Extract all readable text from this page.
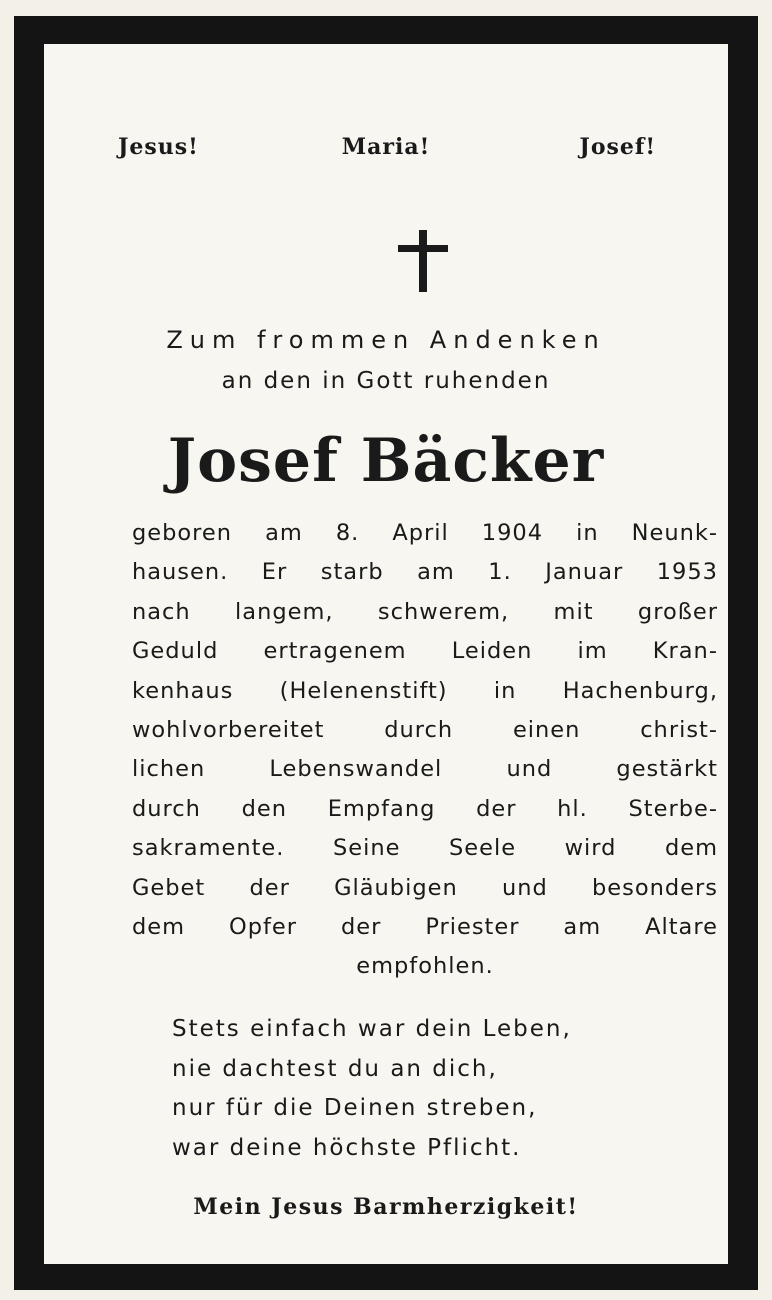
Jesus!	Maria!	Josef!
Zum frommen Andenken
an den in Gott ruhenden
Josef Bäcker
geboren am 8. April 1904 in Neunk-
hausen. Er starb am 1. Januar 1953
nach langem, schwerem, mit großer
Geduld ertragenem Leiden im Kran-
kenhaus (Helenenstift) in Hachenburg,
wohlvorbereitet	durch	einen	christ-
lichen	Lebenswandel	und	gestärkt
durch den Empfang der hl. Sterbe-
sakramente. Seine Seele wird dem
Gebet der Gläubigen und besonders
dem Opfer der Priester am Altare
empfohlen.
Stets einfach war dein Leben,
nie dachtest du an dich,
nur für die Deinen streben,
war deine höchste Pflicht.
Mein Jesus Barmherzigkeit!
